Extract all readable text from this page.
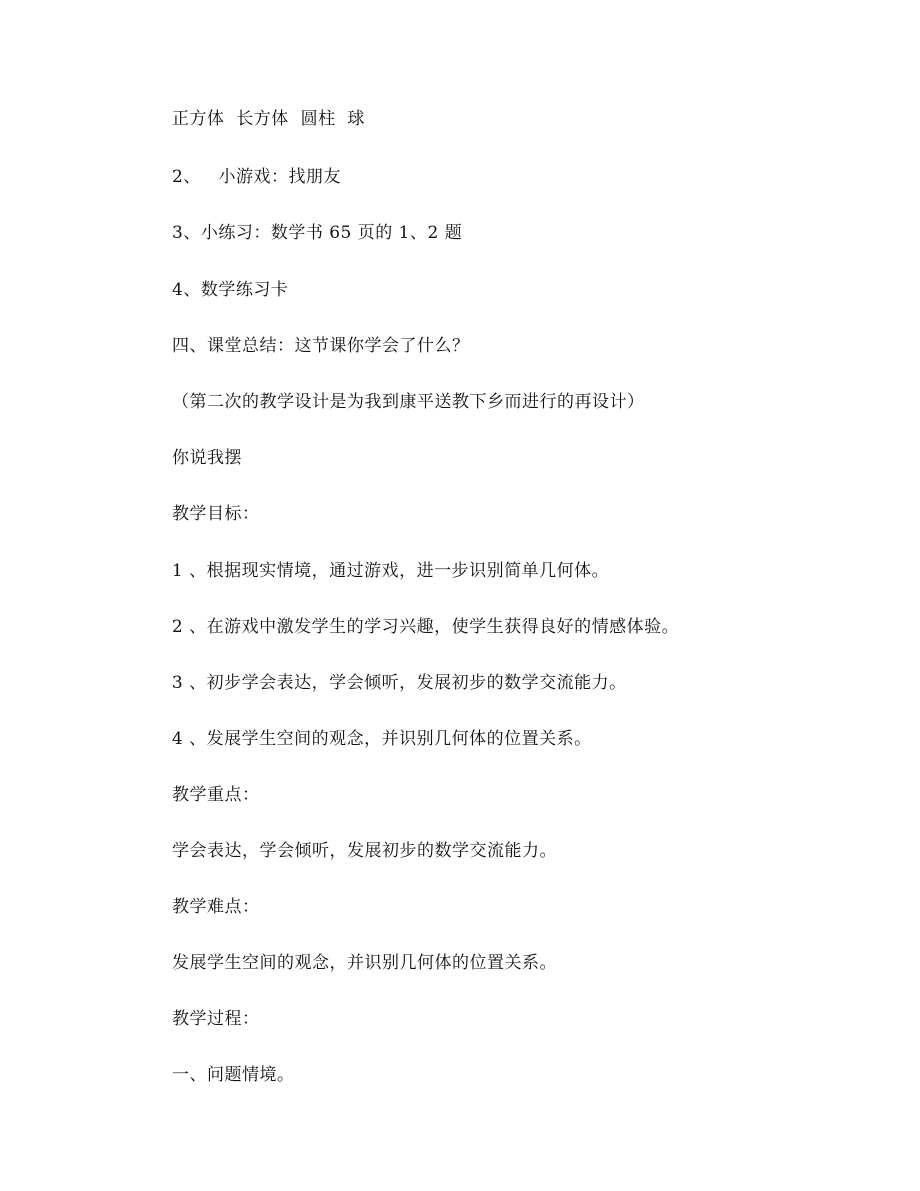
正方体  长方体  圆柱  球
2、   小游戏：找朋友
3、小练习：数学书 65 页的 1、2 题
4、数学练习卡
四、课堂总结：这节课你学会了什么？
（第二次的教学设计是为我到康平送教下乡而进行的再设计）
你说我摆
教学目标：
1 、根据现实情境，通过游戏，进一步识别简单几何体。
2 、在游戏中激发学生的学习兴趣，使学生获得良好的情感体验。
3 、初步学会表达，学会倾听，发展初步的数学交流能力。
4 、发展学生空间的观念，并识别几何体的位置关系。
教学重点：
学会表达，学会倾听，发展初步的数学交流能力。
教学难点：
发展学生空间的观念，并识别几何体的位置关系。
教学过程：
一、问题情境。
